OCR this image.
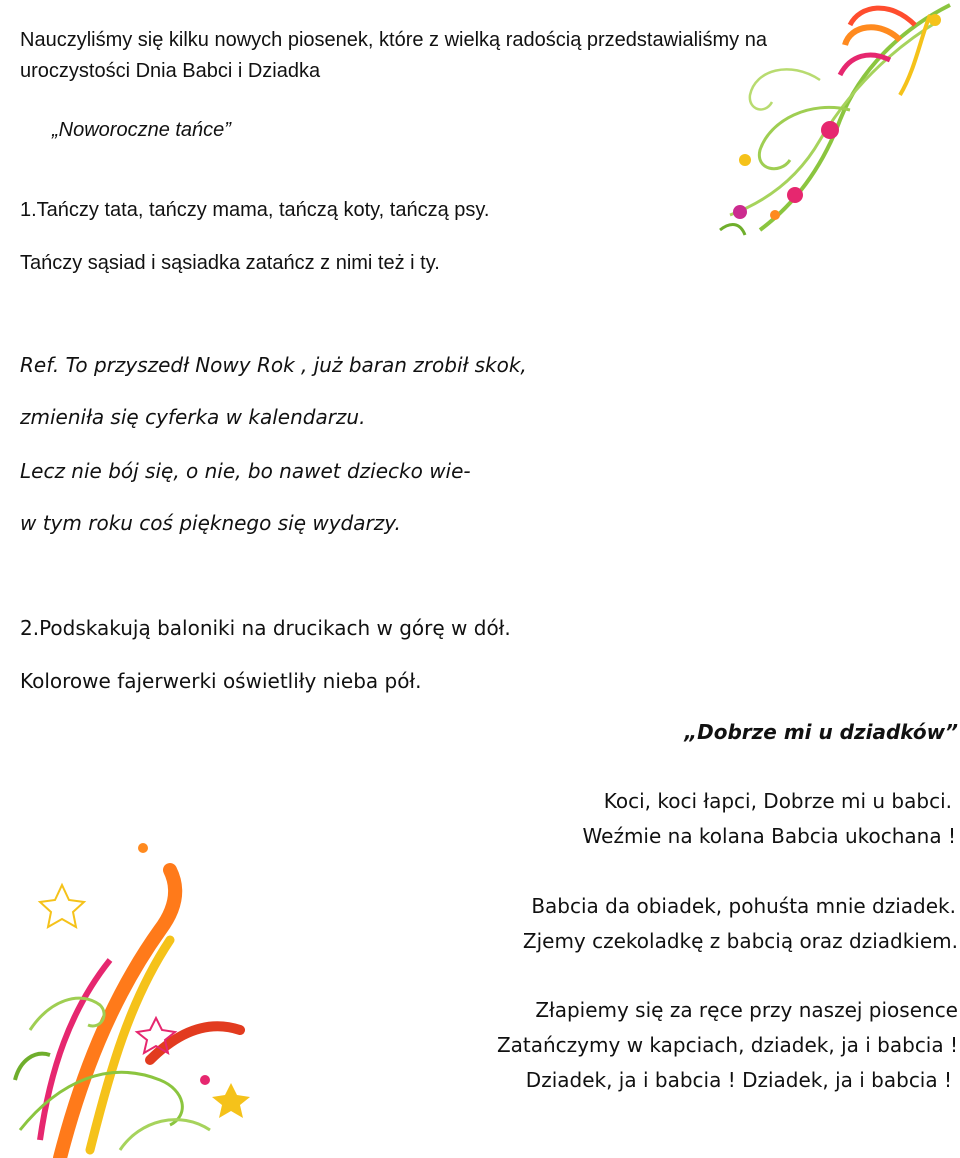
Nauczyliśmy się kilku nowych piosenek, które z wielką radością przedstawialiśmy na
uroczystości Dnia Babci i Dziadka
„Noworoczne tańce”
1.Tańczy tata, tańczy mama, tańczą koty, tańczą psy.
Tańczy sąsiad i sąsiadka zatańcz z nimi też i ty.
Ref. To przyszedł Nowy Rok , już baran zrobił skok,
zmieniła się cyferka w kalendarzu.
Lecz nie bój się, o nie, bo nawet dziecko wie-
w tym roku coś pięknego się wydarzy.
2.Podskakują baloniki na drucikach w górę w dół.
Kolorowe fajerwerki oświetliły nieba pół.
„Dobrze mi u dziadków”
Koci, koci łapci, Dobrze mi u babci.
Weźmie na kolana Babcia ukochana !
Babcia da obiadek, pohuśta mnie dziadek.
Zjemy czekoladkę z babcią oraz dziadkiem.
Złapiemy się za ręce przy naszej piosence
Zatańczymy w kapciach, dziadek, ja i babcia !
Dziadek, ja i babcia ! Dziadek, ja i babcia !
